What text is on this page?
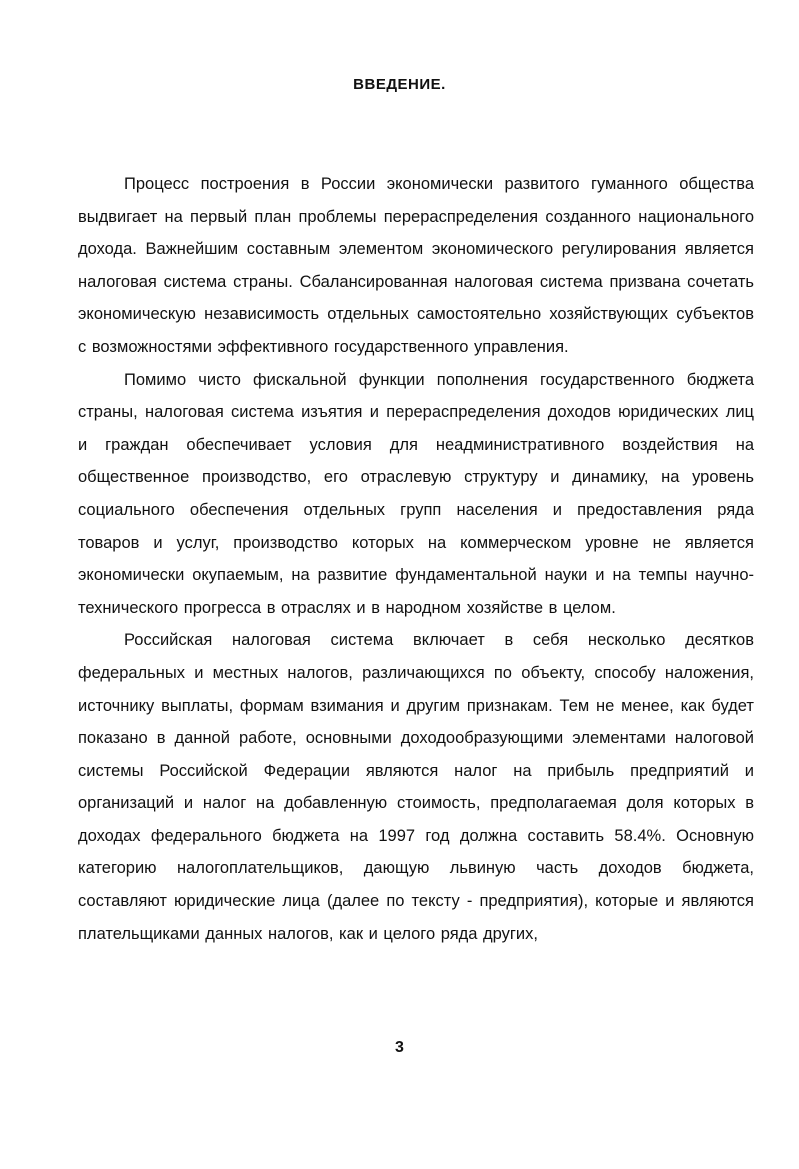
ВВЕДЕНИЕ.

Процесс построения в России экономически развитого гуманного общества выдвигает на первый план проблемы перераспределения созданного национального дохода. Важнейшим составным элементом экономического регулирования является налоговая система страны. Сбалансированная налоговая система призвана сочетать экономическую независимость отдельных самостоятельно хозяйствующих субъектов с возможностями эффективного государственного управления.

Помимо чисто фискальной функции пополнения государственного бюджета страны, налоговая система изъятия и перераспределения доходов юридических лиц и граждан обеспечивает условия для неадминистративного воздействия на общественное производство, его отраслевую структуру и динамику, на уровень социального обеспечения отдельных групп населения и предоставления ряда товаров и услуг, производство которых на коммерческом уровне не является экономически окупаемым, на развитие фундаментальной науки и на темпы научно-технического прогресса в отраслях и в народном хозяйстве в целом.

Российская налоговая система включает в себя несколько десятков федеральных и местных налогов, различающихся по объекту, способу наложения, источнику выплаты, формам взимания и другим признакам. Тем не менее, как будет показано в данной работе, основными доходообразующими элементами налоговой системы Российской Федерации являются налог на прибыль предприятий и организаций и налог на добавленную стоимость, предполагаемая доля которых в доходах федерального бюджета на 1997 год должна составить 58.4%. Основную категорию налогоплательщиков, дающую львиную часть доходов бюджета, составляют юридические лица (далее по тексту - предприятия), которые и являются плательщиками данных налогов, как и целого ряда других,

3
